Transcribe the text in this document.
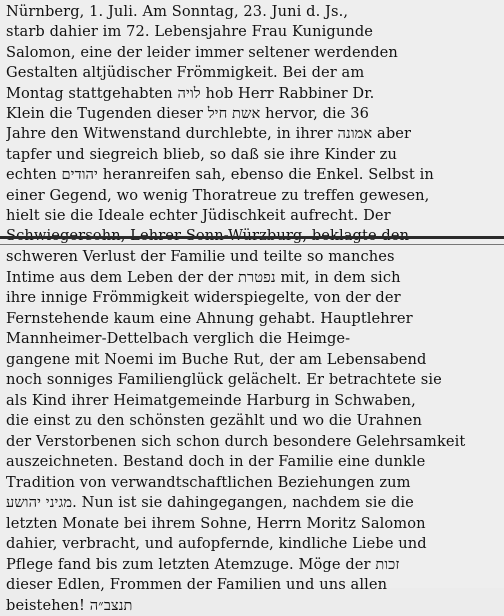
Nürnberg, 1. Juli. Am Sonntag, 23. Juni d. Js.,
starb dahier im 72. Lebensjahre Frau Kunigunde
Salomon, eine der leider immer seltener werdenden
Gestalten altjüdischer Frömmigkeit. Bei der am
Montag stattgehabten לויה hob Herr Rabbiner Dr.
Klein die Tugenden dieser אשת חיל hervor, die 36
Jahre den Witwenstand durchlebte, in ihrer אמונה aber
tapfer und siegreich blieb, so daß sie ihre Kinder zu
echten יהודים heranreifen sah, ebenso die Enkel. Selbst in
einer Gegend, wo wenig Thoratreue zu treffen gewesen,
hielt sie die Ideale echter Jüdischkeit aufrecht. Der
schweren Verlust der Familie und teilte so manches
Intime aus dem Leben der der נפטרת mit, in dem sich
ihre innige Frömmigkeit widerspiegelte, von der der
Fernstehende kaum eine Ahnung gehabt. Hauptlehrer
Mannheimer-Dettelbach verglich die Heimge-
gangene mit Noemi im Buche Rut, der am Lebensabend
noch sonniges Familienglück gelächelt. Er betrachtete sie
als Kind ihrer Heimatgemeinde Harburg in Schwaben,
die einst zu den schönsten gezählt und wo die Urahnen
der Verstorbenen sich schon durch besondere Gelehrsamkeit
auszeichneten. Bestand doch in der Familie eine dunkle
Tradition von verwandtschaftlichen Beziehungen zum
מגיני יהושע. Nun ist sie dahingegangen, nachdem sie die
letzten Monate bei ihrem Sohne, Herrn Moritz Salomon
dahier, verbracht, und aufopfernde, kindliche Liebe und
Pflege fand bis zum letzten Atemzuge. Möge der זכות
dieser Edlen, Frommen der Familien und uns allen
beistehen! תנצב״ה
